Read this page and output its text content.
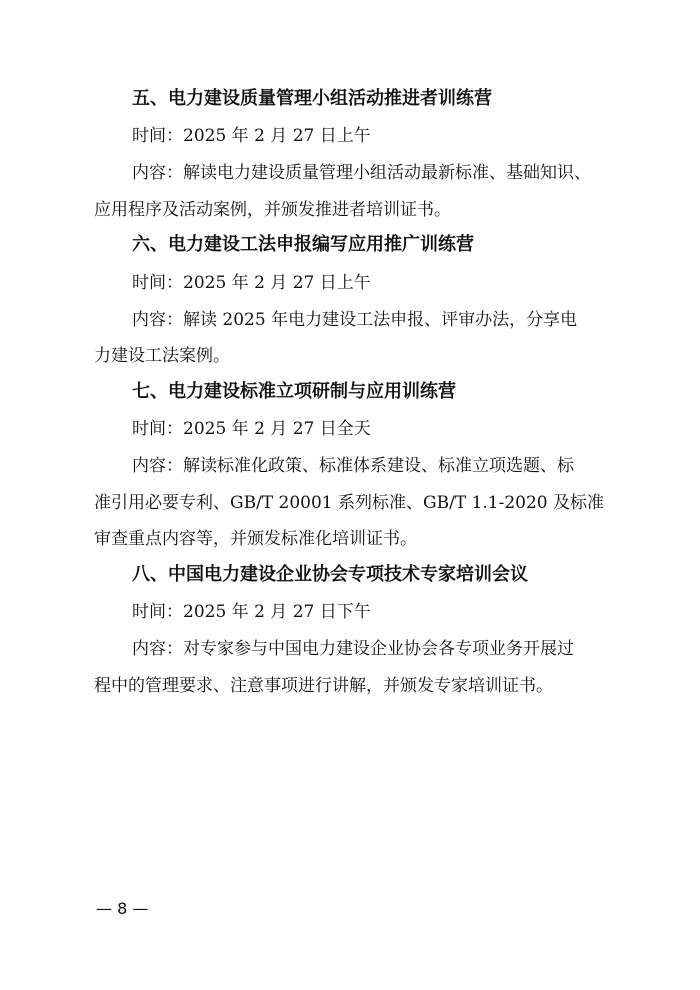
五、电力建设质量管理小组活动推进者训练营
时间：2025 年 2 月 27 日上午
内容：解读电力建设质量管理小组活动最新标准、基础知识、
应用程序及活动案例，并颁发推进者培训证书。
六、电力建设工法申报编写应用推广训练营
时间：2025 年 2 月 27 日上午
内容：解读 2025 年电力建设工法申报、评审办法，分享电
力建设工法案例。
七、电力建设标准立项研制与应用训练营
时间：2025 年 2 月 27 日全天
内容：解读标准化政策、标准体系建设、标准立项选题、标
准引用必要专利、GB/T 20001 系列标准、GB/T 1.1-2020 及标准
审查重点内容等，并颁发标准化培训证书。
八、中国电力建设企业协会专项技术专家培训会议
时间：2025 年 2 月 27 日下午
内容：对专家参与中国电力建设企业协会各专项业务开展过
程中的管理要求、注意事项进行讲解，并颁发专家培训证书。
— 8 —
